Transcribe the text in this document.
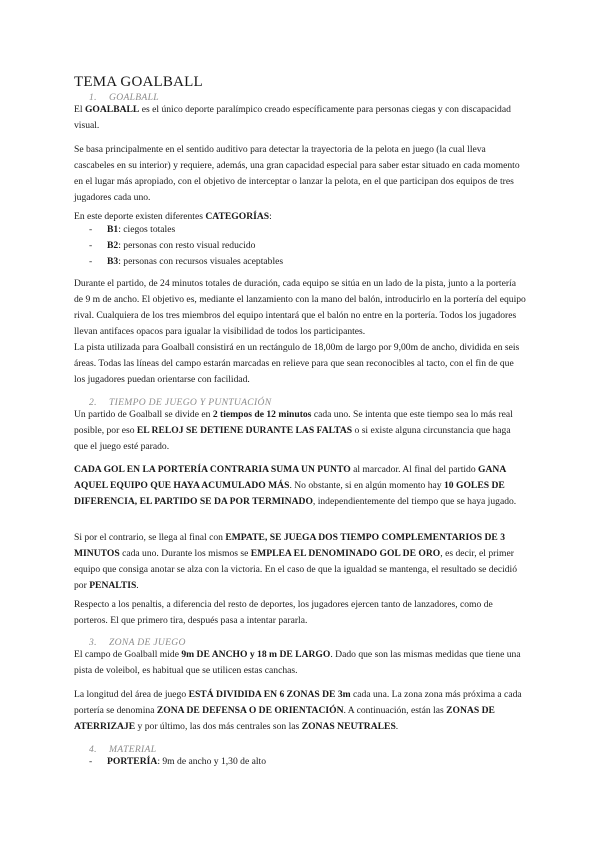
TEMA GOALBALL
1. GOALBALL
El GOALBALL es el único deporte paralímpico creado específicamente para personas ciegas y con discapacidad visual.
Se basa principalmente en el sentido auditivo para detectar la trayectoria de la pelota en juego (la cual lleva cascabeles en su interior) y requiere, además, una gran capacidad especial para saber estar situado en cada momento en el lugar más apropiado, con el objetivo de interceptar o lanzar la pelota, en el que participan dos equipos de tres jugadores cada uno.
En este deporte existen diferentes CATEGORÍAS:
- B1: ciegos totales
- B2: personas con resto visual reducido
- B3: personas con recursos visuales aceptables
Durante el partido, de 24 minutos totales de duración, cada equipo se sitúa en un lado de la pista, junto a la portería de 9 m de ancho. El objetivo es, mediante el lanzamiento con la mano del balón, introducirlo en la portería del equipo rival. Cualquiera de los tres miembros del equipo intentará que el balón no entre en la portería. Todos los jugadores llevan antifaces opacos para igualar la visibilidad de todos los participantes.
La pista utilizada para Goalball consistirá en un rectángulo de 18,00m de largo por 9,00m de ancho, dividida en seis áreas. Todas las líneas del campo estarán marcadas en relieve para que sean reconocibles al tacto, con el fin de que los jugadores puedan orientarse con facilidad.
2. TIEMPO DE JUEGO Y PUNTUACIÓN
Un partido de Goalball se divide en 2 tiempos de 12 minutos cada uno. Se intenta que este tiempo sea lo más real posible, por eso EL RELOJ SE DETIENE DURANTE LAS FALTAS o si existe alguna circunstancia que haga que el juego esté parado.
CADA GOL EN LA PORTERÍA CONTRARIA SUMA UN PUNTO al marcador. Al final del partido GANA AQUEL EQUIPO QUE HAYA ACUMULADO MÁS. No obstante, si en algún momento hay 10 GOLES DE DIFERENCIA, EL PARTIDO SE DA POR TERMINADO, independientemente del tiempo que se haya jugado.
Si por el contrario, se llega al final con EMPATE, SE JUEGA DOS TIEMPO COMPLEMENTARIOS DE 3 MINUTOS cada uno. Durante los mismos se EMPLEA EL DENOMINADO GOL DE ORO, es decir, el primer equipo que consiga anotar se alza con la victoria. En el caso de que la igualdad se mantenga, el resultado se decidió por PENALTIS.
Respecto a los penaltis, a diferencia del resto de deportes, los jugadores ejercen tanto de lanzadores, como de porteros. El que primero tira, después pasa a intentar pararla.
3. ZONA DE JUEGO
El campo de Goalball mide 9m DE ANCHO y 18 m DE LARGO. Dado que son las mismas medidas que tiene una pista de voleibol, es habitual que se utilicen estas canchas.
La longitud del área de juego ESTÁ DIVIDIDA EN 6 ZONAS DE 3m cada una. La zona zona más próxima a cada portería se denomina ZONA DE DEFENSA O DE ORIENTACIÓN. A continuación, están las ZONAS DE ATERRIZAJE y por último, las dos más centrales son las ZONAS NEUTRALES.
4. MATERIAL
- PORTERÍA: 9m de ancho y 1,30 de alto
